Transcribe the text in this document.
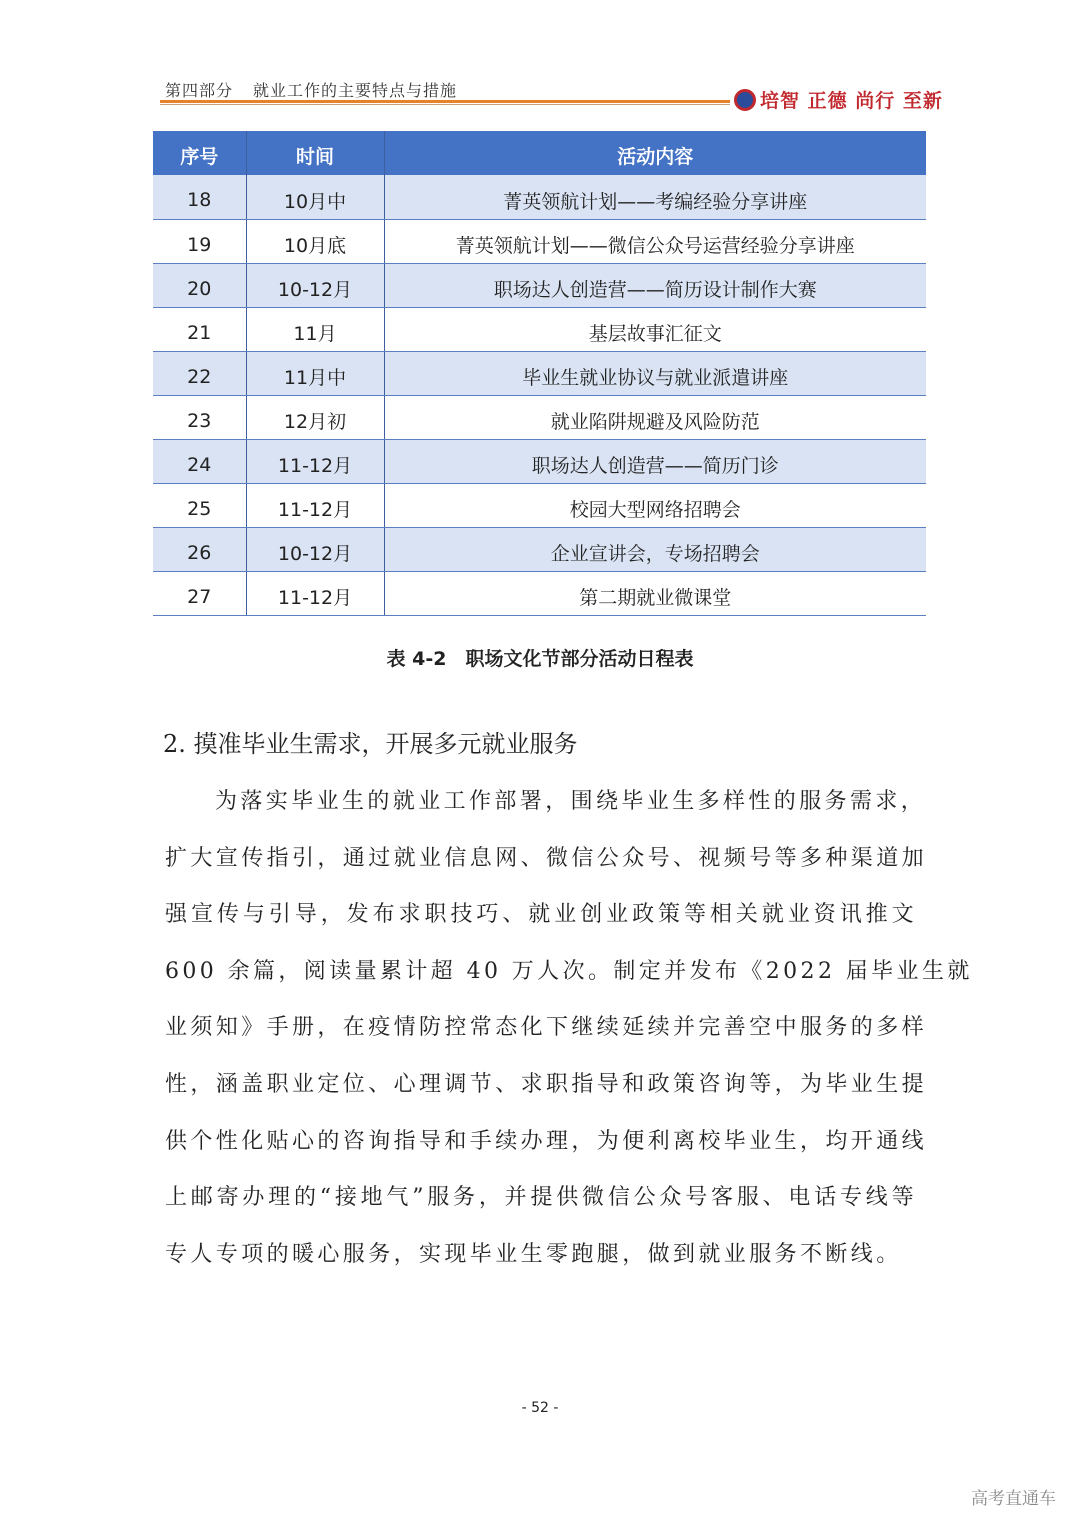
第四部分 就业工作的主要特点与措施	培智 正德 尚行 至新
序号	时间	活动内容
18	10月中	菁英领航计划——考编经验分享讲座
19	10月底	菁英领航计划——微信公众号运营经验分享讲座
20	10-12月	职场达人创造营——简历设计制作大赛
21	11月	基层故事汇征文
22	11月中	毕业生就业协议与就业派遣讲座
23	12月初	就业陷阱规避及风险防范
24	11-12月	职场达人创造营——简历门诊
25	11-12月	校园大型网络招聘会
26	10-12月	企业宣讲会，专场招聘会
27	11-12月	第二期就业微课堂
表 4-2　职场文化节部分活动日程表
2. 摸准毕业生需求，开展多元就业服务
为落实毕业生的就业工作部署，围绕毕业生多样性的服务需求，
扩大宣传指引，通过就业信息网、微信公众号、视频号等多种渠道加
强宣传与引导，发布求职技巧、就业创业政策等相关就业资讯推文
600 余篇，阅读量累计超 40 万人次。制定并发布《2022 届毕业生就
业须知》手册，在疫情防控常态化下继续延续并完善空中服务的多样
性，涵盖职业定位、心理调节、求职指导和政策咨询等，为毕业生提
供个性化贴心的咨询指导和手续办理，为便利离校毕业生，均开通线
上邮寄办理的“接地气”服务，并提供微信公众号客服、电话专线等
专人专项的暖心服务，实现毕业生零跑腿，做到就业服务不断线。
- 52 -
高考直通车
